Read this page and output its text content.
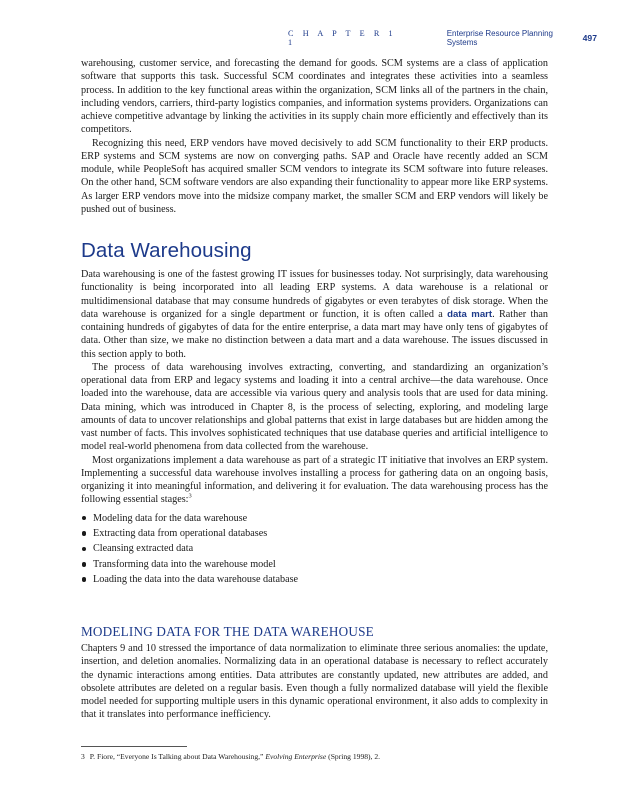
C H A P T E R 1 1
Enterprise Resource Planning Systems	497

warehousing, customer service, and forecasting the demand for goods. SCM systems are a class of application software that supports this task. Successful SCM coordinates and integrates these activities into a seamless process. In addition to the key functional areas within the organization, SCM links all of the partners in the chain, including vendors, carriers, third-party logistics companies, and information systems providers. Organizations can achieve competitive advantage by linking the activities in its supply chain more efficiently and effectively than its competitors.

Recognizing this need, ERP vendors have moved decisively to add SCM functionality to their ERP products. ERP systems and SCM systems are now on converging paths. SAP and Oracle have recently added an SCM module, while PeopleSoft has acquired smaller SCM vendors to integrate its SCM software into future releases. On the other hand, SCM software vendors are also expanding their functionality to appear more like ERP systems. As larger ERP vendors move into the midsize company market, the smaller SCM and ERP vendors will likely be pushed out of business.

Data Warehousing

Data warehousing is one of the fastest growing IT issues for businesses today. Not surprisingly, data warehousing functionality is being incorporated into all leading ERP systems. A data warehouse is a relational or multidimensional database that may consume hundreds of gigabytes or even terabytes of disk storage. When the data warehouse is organized for a single department or function, it is often called a data mart. Rather than containing hundreds of gigabytes of data for the entire enterprise, a data mart may have only tens of gigabytes of data. Other than size, we make no distinction between a data mart and a data warehouse. The issues discussed in this section apply to both.

The process of data warehousing involves extracting, converting, and standardizing an organization’s operational data from ERP and legacy systems and loading it into a central archive—the data warehouse. Once loaded into the warehouse, data are accessible via various query and analysis tools that are used for data mining. Data mining, which was introduced in Chapter 8, is the process of selecting, exploring, and modeling large amounts of data to uncover relationships and global patterns that exist in large databases but are hidden among the vast number of facts. This involves sophisticated techniques that use database queries and artificial intelligence to model real-world phenomena from data collected from the warehouse.

Most organizations implement a data warehouse as part of a strategic IT initiative that involves an ERP system. Implementing a successful data warehouse involves installing a process for gathering data on an ongoing basis, organizing it into meaningful information, and delivering it for evaluation. The data warehousing process has the following essential stages:$^3$

Modeling data for the data warehouse
Extracting data from operational databases
Cleansing extracted data
Transforming data into the warehouse model
Loading the data into the data warehouse database
MODELING DATA FOR THE DATA WAREHOUSE

Chapters 9 and 10 stressed the importance of data normalization to eliminate three serious anomalies: the update, insertion, and deletion anomalies. Normalizing data in an operational database is necessary to reflect accurately the dynamic interactions among entities. Data attributes are constantly updated, new attributes are added, and obsolete attributes are deleted on a regular basis. Even though a fully normalized database will yield the flexible model needed for supporting multiple users in this dynamic operational environment, it also adds to complexity in that it translates into performance inefficiency.

3 P. Fiore, “Everyone Is Talking about Data Warehousing,” Evolving Enterprise (Spring 1998), 2.
